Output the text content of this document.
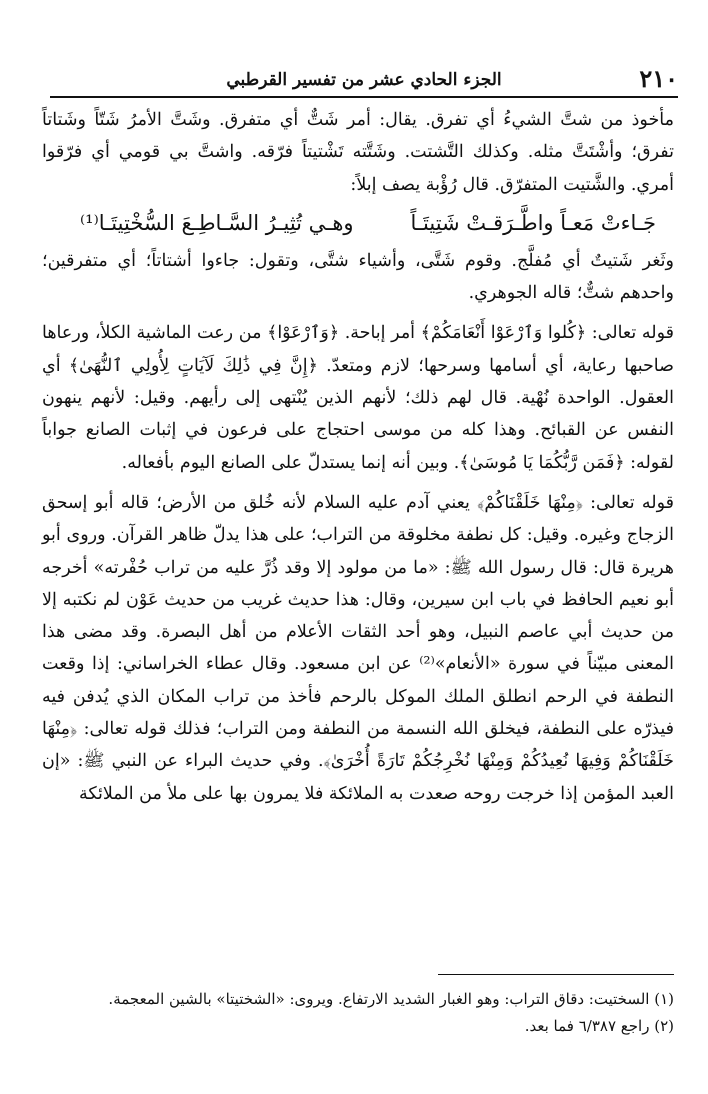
٢١٠
الجزء الحادي عشر من تفسير القرطبي

مأخوذ من شتَّ الشيءُ أي تفرق. يقال: أمر شَتٌّ أي متفرق. وشَتَّ الأمرُ شَتّاً وشَتاتاً تفرق؛ وأشْتَتَّ مثله. وكذلك التَّشتت. وشَتَّته تَشْتيتاً فرّقه. واشتَّ بي قومي أي فرّقوا أمري. والشَّتيت المتفرّق. قال رُؤْبة يصف إبلاً:

جَـاءتْ مَعـاً واطَّـرَقـتْ شَتِيتَـاً
وهـي تُثِيـرُ السَّـاطِـعَ السُّخْتِيتَـا⁽¹⁾

وثَغر شَتيتٌ أي مُفلَّج. وقوم شَتَّى، وأشياء شتَّى، وتقول: جاءوا أشتاتاً؛ أي متفرقين؛ واحدهم شتٌّ؛ قاله الجوهري.

قوله تعالى: ﴿كُلوا وَٱرْعَوْا أَنْعَامَكُمْ﴾ أمر إباحة. ﴿وَٱرْعَوْا﴾ من رعت الماشية الكلأ، ورعاها صاحبها رعاية، أي أسامها وسرحها؛ لازم ومتعدّ. ﴿إِنَّ فِي ذَٰلِكَ لَآيَاتٍ لِأُولِي ٱلنُّهَىٰ﴾ أي العقول. الواحدة نُهْية. قال لهم ذلك؛ لأنهم الذين يُنْتهى إلى رأيهم. وقيل: لأنهم ينهون النفس عن القبائح. وهذا كله من موسى احتجاج على فرعون في إثبات الصانع جواباً لقوله: ﴿فَمَن رَّبُّكُمَا يَا مُوسَىٰ﴾. وبين أنه إنما يستدلّ على الصانع اليوم بأفعاله.

قوله تعالى: ﴿مِنْهَا خَلَقْنَاكُمْ﴾ يعني آدم عليه السلام لأنه خُلق من الأرض؛ قاله أبو إسحق الزجاج وغيره. وقيل: كل نطفة مخلوقة من التراب؛ على هذا يدلّ ظاهر القرآن. وروى أبو هريرة قال: قال رسول الله ﷺ: «ما من مولود إلا وقد ذُرَّ عليه من تراب حُفْرته» أخرجه أبو نعيم الحافظ في باب ابن سيرين، وقال: هذا حديث غريب من حديث عَوْن لم نكتبه إلا من حديث أبي عاصم النبيل، وهو أحد الثقات الأعلام من أهل البصرة. وقد مضى هذا المعنى مبيّناً في سورة «الأنعام»⁽²⁾ عن ابن مسعود. وقال عطاء الخراساني: إذا وقعت النطفة في الرحم انطلق الملك الموكل بالرحم فأخذ من تراب المكان الذي يُدفن فيه فيذرّه على النطفة، فيخلق الله النسمة من النطفة ومن التراب؛ فذلك قوله تعالى: ﴿مِنْهَا خَلَقْنَاكُمْ وَفِيهَا نُعِيدُكُمْ وَمِنْهَا نُخْرِجُكُمْ تَارَةً أُخْرَىٰ﴾. وفي حديث البراء عن النبي ﷺ: «إن العبد المؤمن إذا خرجت روحه صعدت به الملائكة فلا يمرون بها على ملأ من الملائكة

(١) السختيت: دقاق التراب: وهو الغبار الشديد الارتفاع. ويروى: «الشختيتا» بالشين المعجمة.

(٢) راجع ٦/٣٨٧ فما بعد.
